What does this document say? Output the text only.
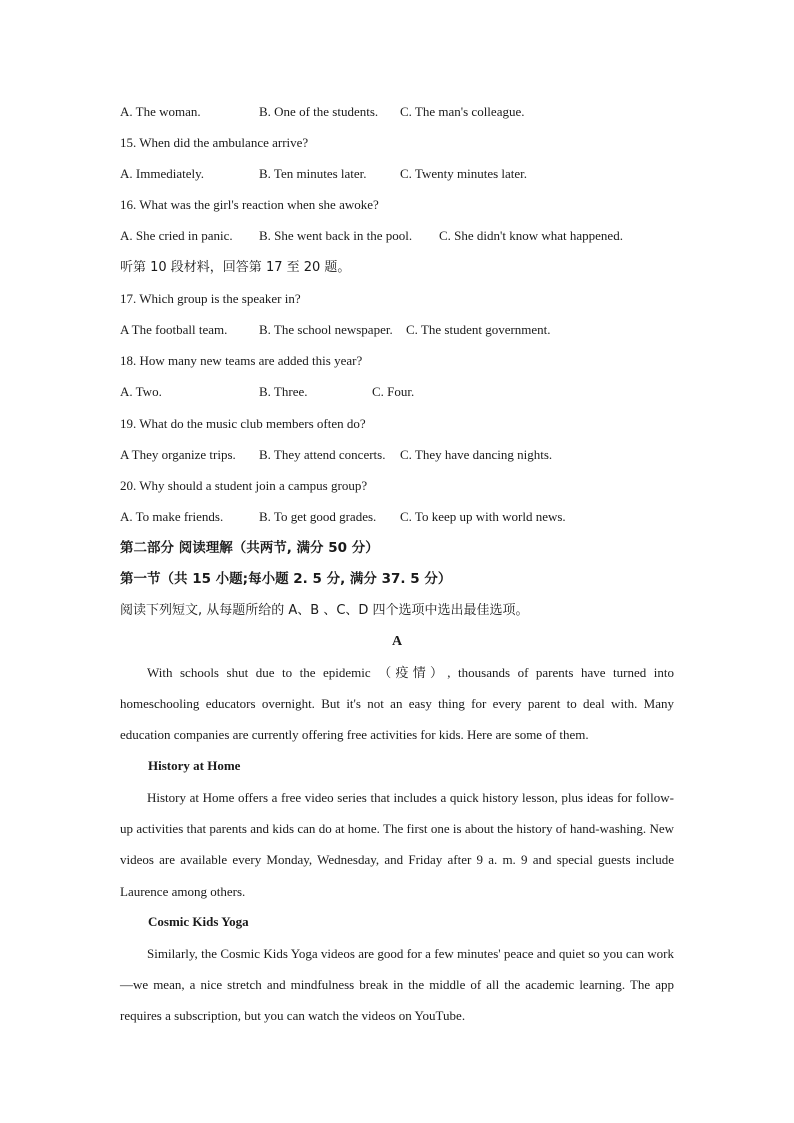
A. The woman.	B. One of the students. C. The man's colleague.
15. When did the ambulance arrive?
A. Immediately.	B. Ten minutes later.	C. Twenty minutes later.
16. What was the girl's reaction when she awoke?
A. She cried in panic. B. She went back in the pool. C. She didn't know what happened.
听第 10 段材料，回答第 17 至 20 题。
17. Which group is the speaker in?
A The football team. B. The school newspaper. C. The student government.
18. How many new teams are added this year?
A. Two.	B. Three.	C. Four.
19. What do the music club members often do?
A They organize trips. B. They attend concerts. C. They have dancing nights.
20. Why should a student join a campus group?
A. To make friends.	B. To get good grades. C. To keep up with world news.
第二部分 阅读理解（共两节, 满分 50 分）
第一节（共 15 小题;每小题 2. 5 分, 满分 37. 5 分）
阅读下列短文, 从每题所给的 A、B 、C、D 四个选项中选出最佳选项。
A
With schools shut due to the epidemic （疫情）, thousands of parents have turned into homeschooling educators overnight. But it's not an easy thing for every parent to deal with. Many education companies are currently offering free activities for kids. Here are some of them.
History at Home
History at Home offers a free video series that includes a quick history lesson, plus ideas for follow-up activities that parents and kids can do at home. The first one is about the history of hand-washing. New videos are available every Monday, Wednesday, and Friday after 9 a. m. 9 and special guests include Laurence among others.
Cosmic Kids Yoga
Similarly, the Cosmic Kids Yoga videos are good for a few minutes' peace and quiet so you can work—we mean, a nice stretch and mindfulness break in the middle of all the academic learning. The app requires a subscription, but you can watch the videos on YouTube.
